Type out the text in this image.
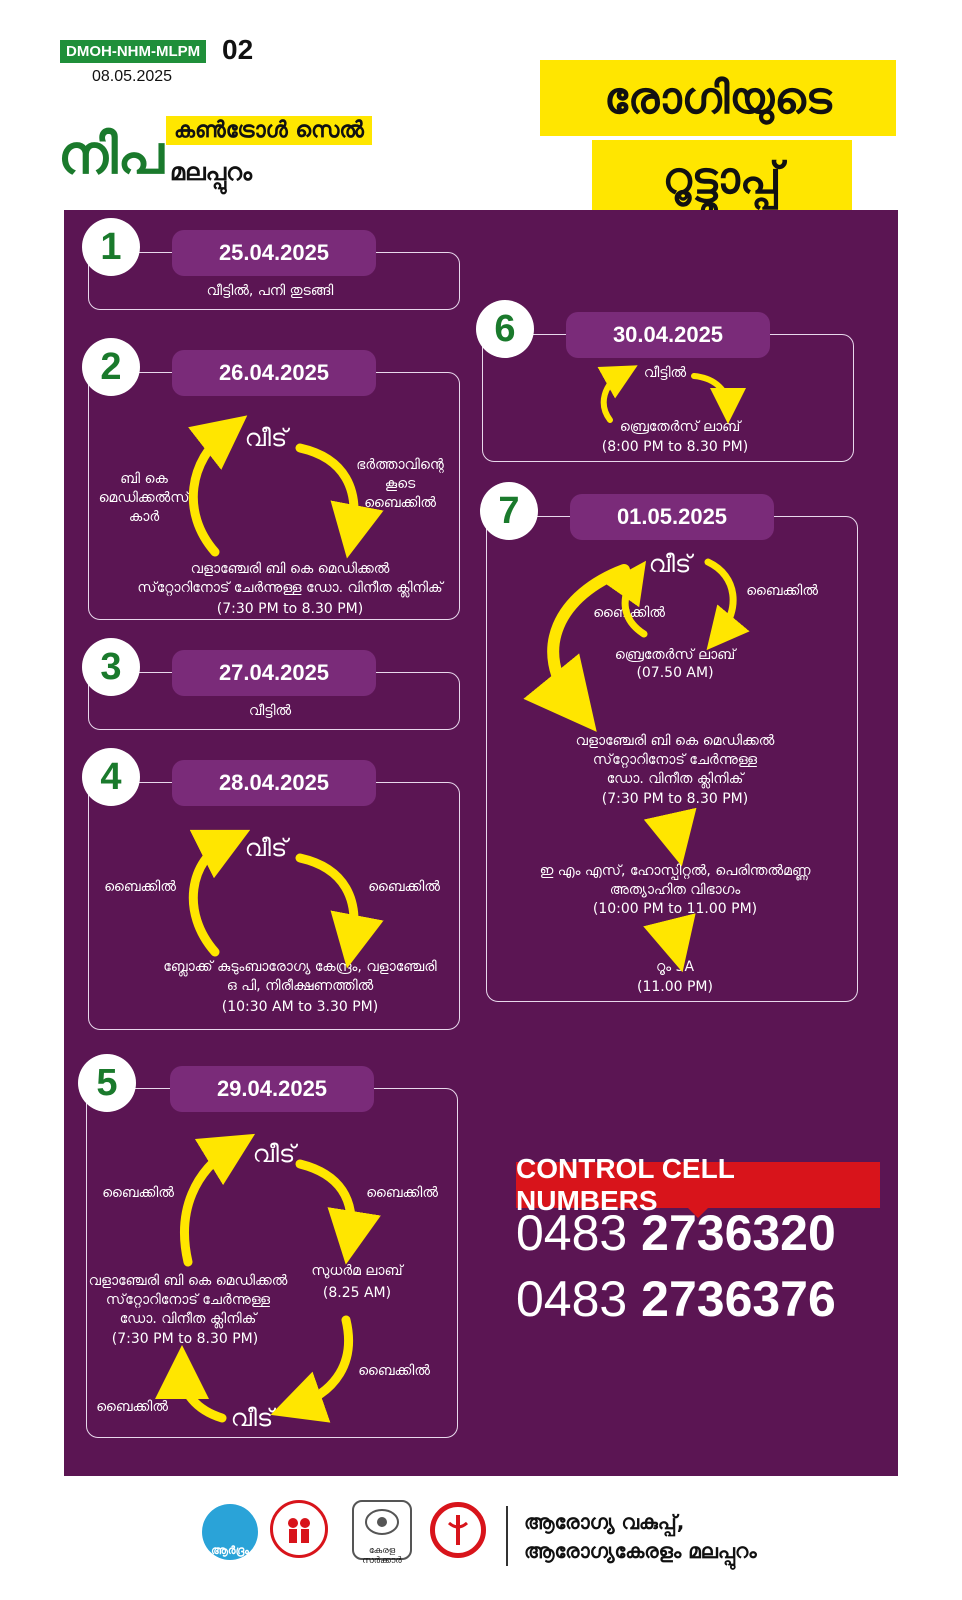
DMOH-NHM-MLPM 02
08.05.2025
നിപ കൺട്രോൾ സെൽ
മലപ്പുറം
രോഗിയുടെ
റൂട്ട്മാപ്പ്
1	25.04.2025
വീട്ടിൽ, പനി തുടങ്ങി
2	26.04.2025
വീട്
ഭർത്താവിന്റെ
കൂടെ
ബൈക്കിൽ
ബി കെ
മെഡിക്കൽസ്
കാർ
വളാഞ്ചേരി ബി കെ മെഡിക്കൽ
സ്‌റ്റോറിനോട് ചേർന്നുള്ള ഡോ. വിനീത ക്ലിനിക്
(7:30 PM to 8.30 PM)
3	27.04.2025
വീട്ടിൽ
4	28.04.2025
വീട്
ബൈക്കിൽ	ബൈക്കിൽ
ബ്ലോക്ക് കുടുംബാരോഗ്യ കേന്ദ്രം, വളാഞ്ചേരി
ഒ പി, നിരീക്ഷണത്തിൽ
(10:30 AM to 3.30 PM)
5	29.04.2025
വീട്
ബൈക്കിൽ	ബൈക്കിൽ
സുധർമ ലാബ്
(8.25 AM)
വളാഞ്ചേരി ബി കെ മെഡിക്കൽ
സ്‌റ്റോറിനോട് ചേർന്നുള്ള
ഡോ. വിനീത ക്ലിനിക്
(7:30 PM to 8.30 PM)
ബൈക്കിൽ
ബൈക്കിൽ	വീട്
6	30.04.2025
വീട്ടിൽ
ബ്രെതേർസ് ലാബ്
(8:00 PM to 8.30 PM)
7	01.05.2025
വീട്
ബൈക്കിൽ
ബൈക്കിൽ
ബ്രെതേർസ് ലാബ്
(07.50 AM)
വളാഞ്ചേരി ബി കെ മെഡിക്കൽ
സ്‌റ്റോറിനോട് ചേർന്നുള്ള
ഡോ. വിനീത ക്ലിനിക്
(7:30 PM to 8.30 PM)
ഇ എം എസ്, ഹോസ്പിറ്റൽ, പെരിന്തൽമണ്ണ
അത്യാഹിത വിഭാഗം
(10:00 PM to 11.00 PM)
റൂം 5A
(11.00 PM)
CONTROL CELL NUMBERS
0483 2736320
0483 2736376
ആർദ്രം	കേരള സർക്കാർ
ആരോഗ്യ വകുപ്പ്,
ആരോഗ്യകേരളം മലപ്പുറം
